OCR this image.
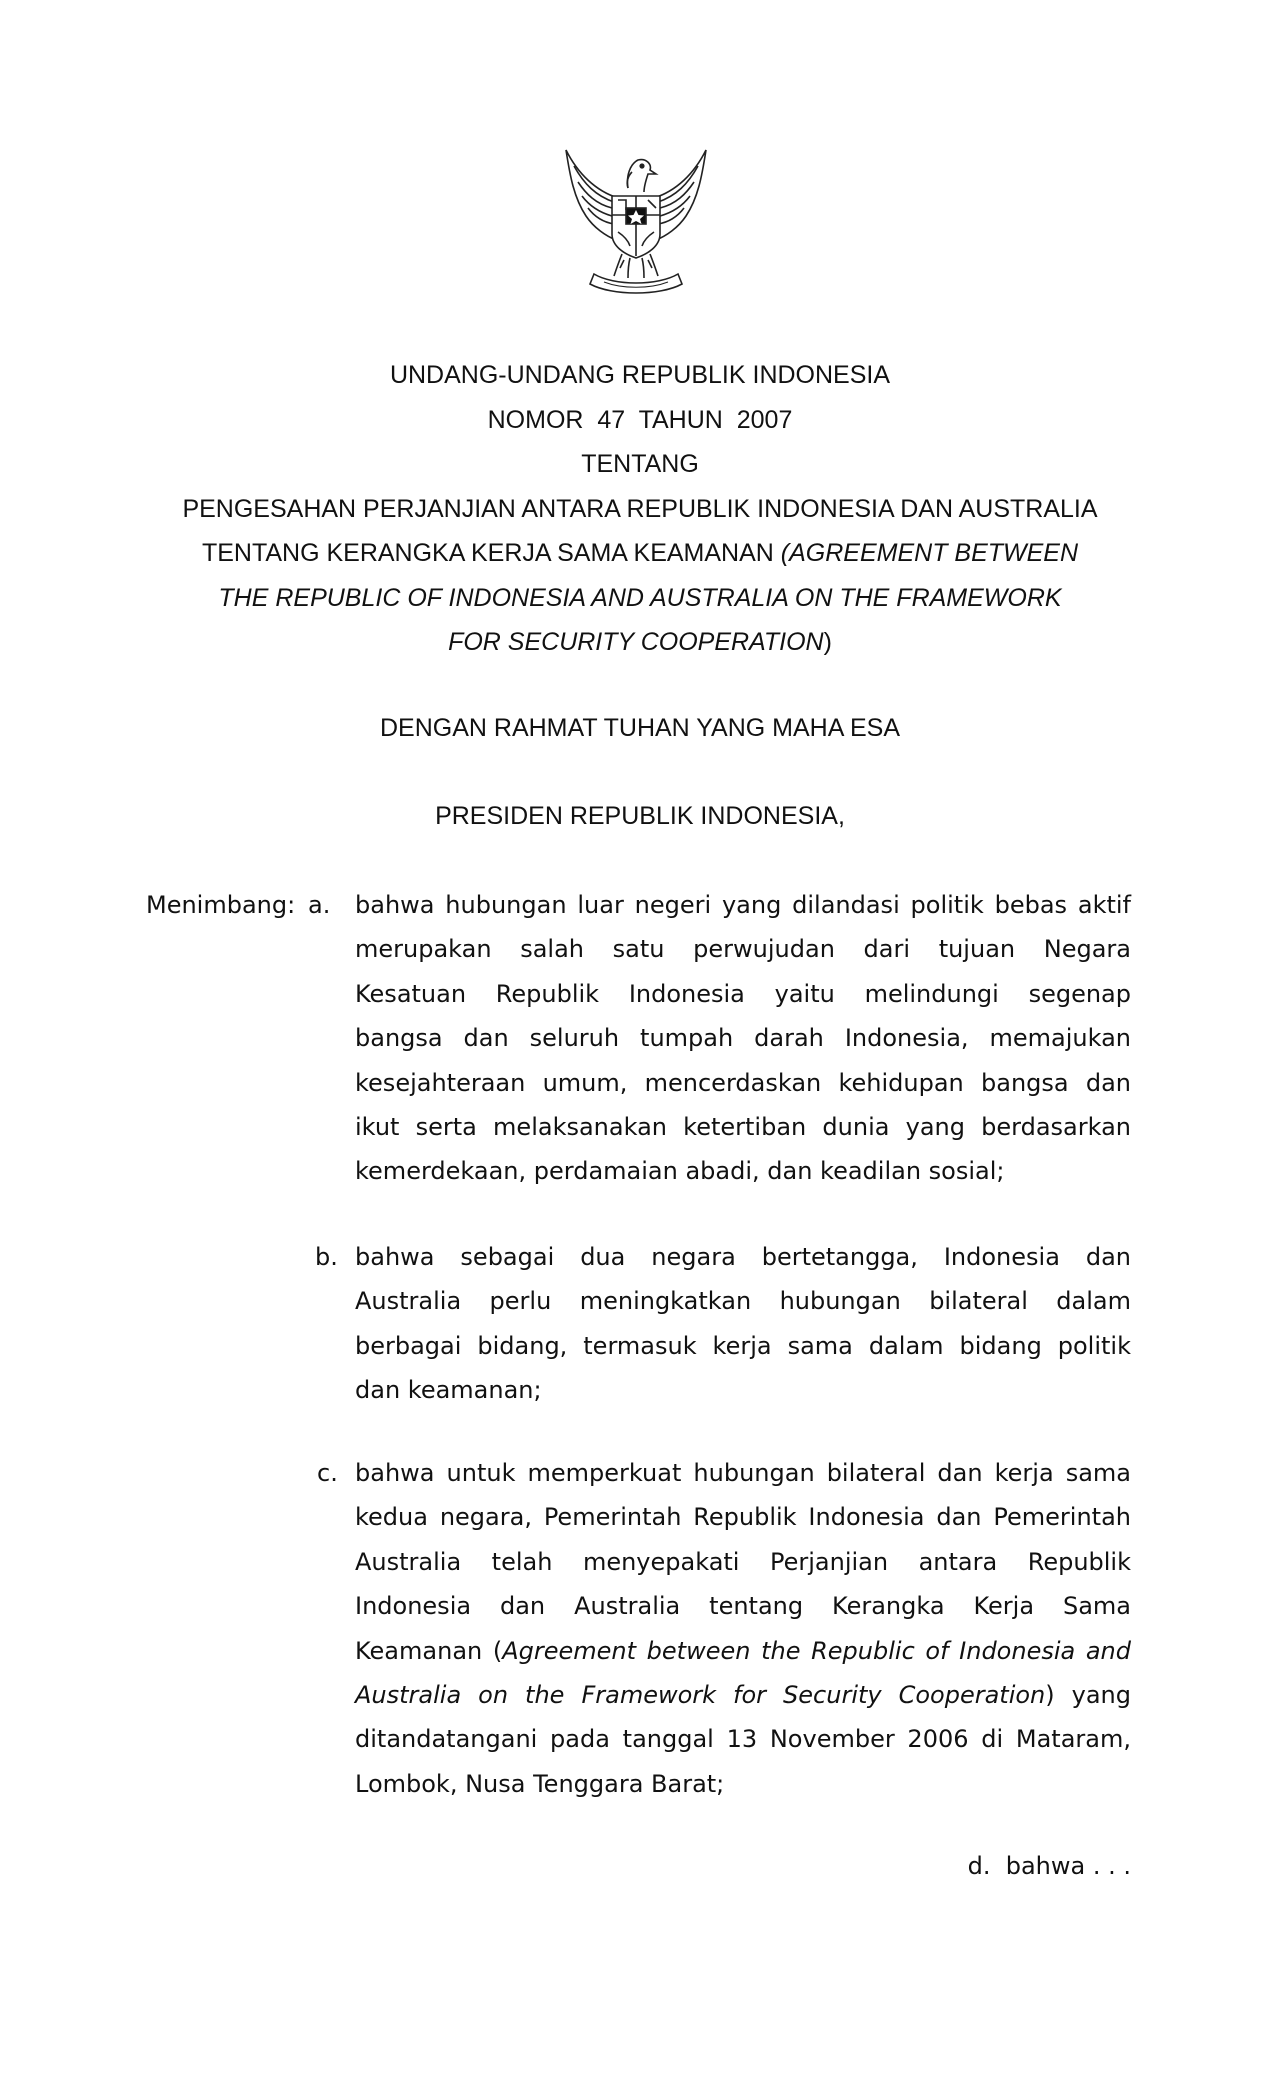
UNDANG-UNDANG REPUBLIK INDONESIA
NOMOR  47  TAHUN  2007
TENTANG
PENGESAHAN PERJANJIAN ANTARA REPUBLIK INDONESIA DAN AUSTRALIA
TENTANG KERANGKA KERJA SAMA KEAMANAN (AGREEMENT BETWEEN
THE REPUBLIC OF INDONESIA AND AUSTRALIA ON THE FRAMEWORK
FOR SECURITY COOPERATION)
DENGAN RAHMAT TUHAN YANG MAHA ESA
PRESIDEN REPUBLIK INDONESIA,
Menimbang: a. bahwa hubungan luar negeri yang dilandasi politik bebas aktif
merupakan salah satu perwujudan dari tujuan Negara
Kesatuan Republik Indonesia yaitu melindungi segenap
bangsa dan seluruh tumpah darah Indonesia, memajukan
kesejahteraan umum, mencerdaskan kehidupan bangsa dan
ikut serta melaksanakan ketertiban dunia yang berdasarkan
kemerdekaan, perdamaian abadi, dan keadilan sosial;
b. bahwa sebagai dua negara bertetangga, Indonesia dan
Australia perlu meningkatkan hubungan bilateral dalam
berbagai bidang, termasuk kerja sama dalam bidang politik
dan keamanan;
c. bahwa untuk memperkuat hubungan bilateral dan kerja sama
kedua negara, Pemerintah Republik Indonesia dan Pemerintah
Australia telah menyepakati Perjanjian antara Republik
Indonesia dan Australia tentang Kerangka Kerja Sama
Keamanan (Agreement between the Republic of Indonesia and
Australia on the Framework for Security Cooperation) yang
ditandatangani pada tanggal 13 November 2006 di Mataram,
Lombok, Nusa Tenggara Barat;
d.  bahwa . . .
